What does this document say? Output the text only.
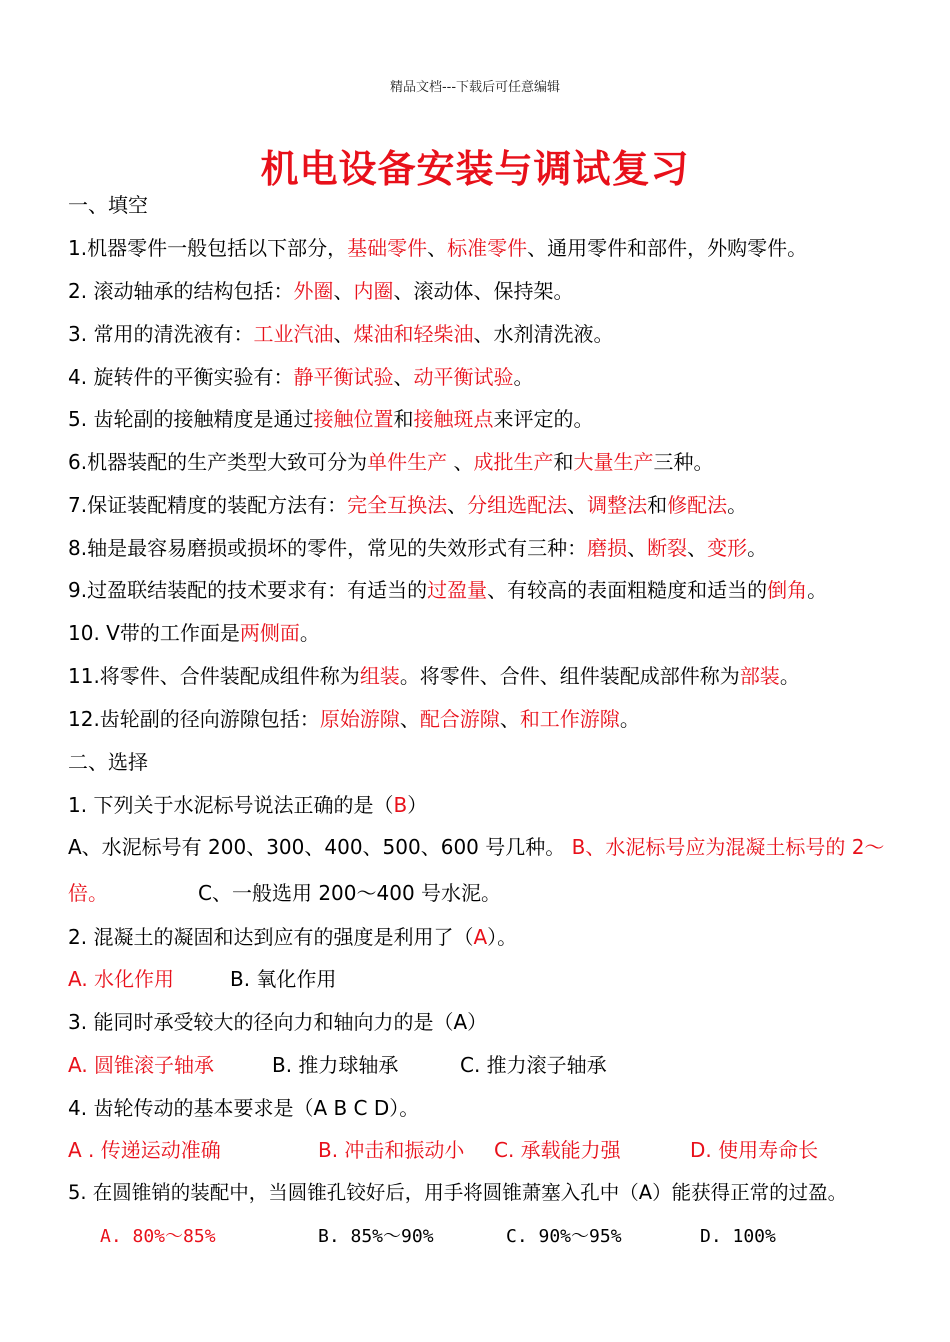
精品文档---下载后可任意编辑
机电设备安装与调试复习
一、填空
1.机器零件一般包括以下部分，基础零件、标准零件、通用零件和部件，外购零件。
2. 滚动轴承的结构包括：外圈、内圈、滚动体、保持架。
3. 常用的清洗液有：工业汽油、煤油和轻柴油、水剂清洗液。
4. 旋转件的平衡实验有：静平衡试验、动平衡试验。
5. 齿轮副的接触精度是通过接触位置和接触斑点来评定的。
6.机器装配的生产类型大致可分为单件生产 、成批生产和大量生产三种。
7.保证装配精度的装配方法有：完全互换法、分组选配法、调整法和修配法。
8.轴是最容易磨损或损坏的零件，常见的失效形式有三种：磨损、断裂、变形。
9.过盈联结装配的技术要求有：有适当的过盈量、有较高的表面粗糙度和适当的倒角。
10. V带的工作面是两侧面。
11.将零件、合件装配成组件称为组装。将零件、合件、组件装配成部件称为部装。
12.齿轮副的径向游隙包括：原始游隙、配合游隙、和工作游隙。
二、选择
1. 下列关于水泥标号说法正确的是（B）
A、水泥标号有 200、300、400、500、600 号几种。 B、水泥标号应为混凝土标号的 2～
倍。	C、一般选用 200～400 号水泥。
2. 混凝土的凝固和达到应有的强度是利用了（A）。
A. 水化作用	B. 氧化作用
3. 能同时承受较大的径向力和轴向力的是（A）
A. 圆锥滚子轴承	B. 推力球轴承	C. 推力滚子轴承
4. 齿轮传动的基本要求是（A B C D）。
A . 传递运动准确	B. 冲击和振动小 C. 承载能力强	D. 使用寿命长
5. 在圆锥销的装配中，当圆锥孔铰好后，用手将圆锥萧塞入孔中（A）能获得正常的过盈。
A. 80%～85%	B. 85%～90%	C. 90%～95%	D. 100%
